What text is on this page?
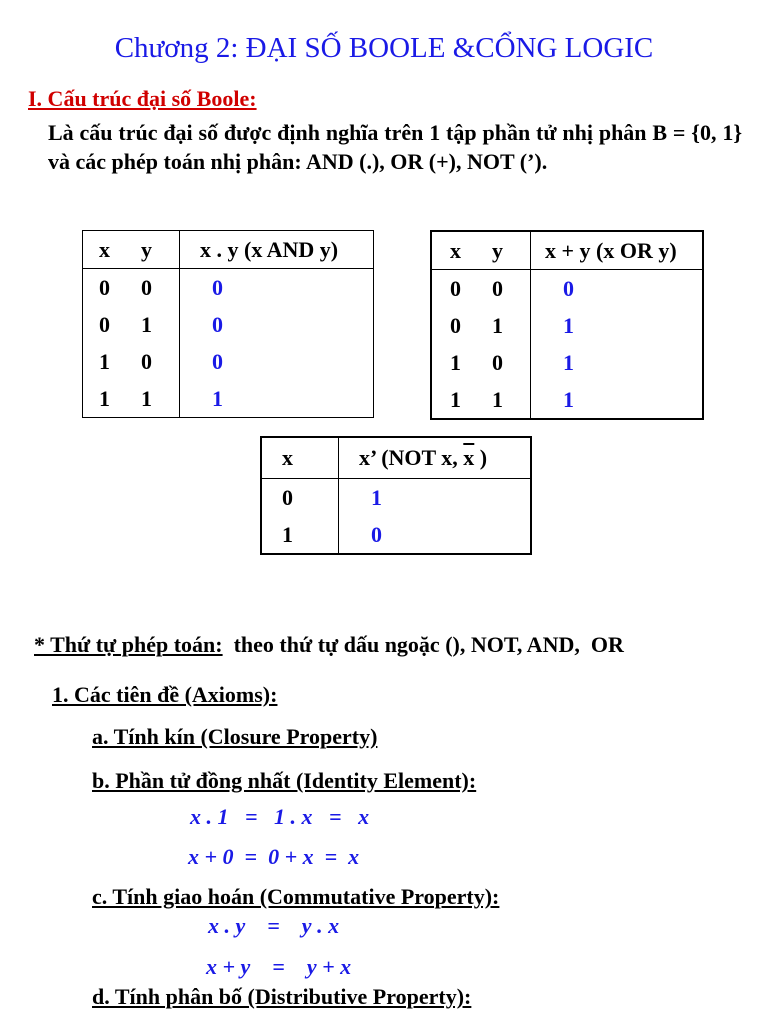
Chương 2: ĐẠI SỐ BOOLE &CỔNG LOGIC
I. Cấu trúc đại số Boole:
Là cấu trúc đại số được định nghĩa trên 1 tập phần tử nhị phân B = {0, 1} và các phép toán nhị phân: AND (.), OR (+), NOT (’).
x	y	x . y (x AND y)
0	0	0
0	1	0
1	0	0
1	1	1
x	y	x + y (x OR y)
0	0	0
0	1	1
1	0	1
1	1	1
x	x’ (NOT x, $\overline{x}$ )
0	1
1	0
* Thứ tự phép toán:  theo thứ tự dấu ngoặc (), NOT, AND,  OR
1. Các tiên đề (Axioms):
a. Tính kín (Closure Property)
b. Phần tử đồng nhất (Identity Element):
x . 1   =   1 . x   =   x
x + 0  =  0 + x  =  x
c. Tính giao hoán (Commutative Property):
x . y    =    y . x
x + y    =    y + x
d. Tính phân bố (Distributive Property):
